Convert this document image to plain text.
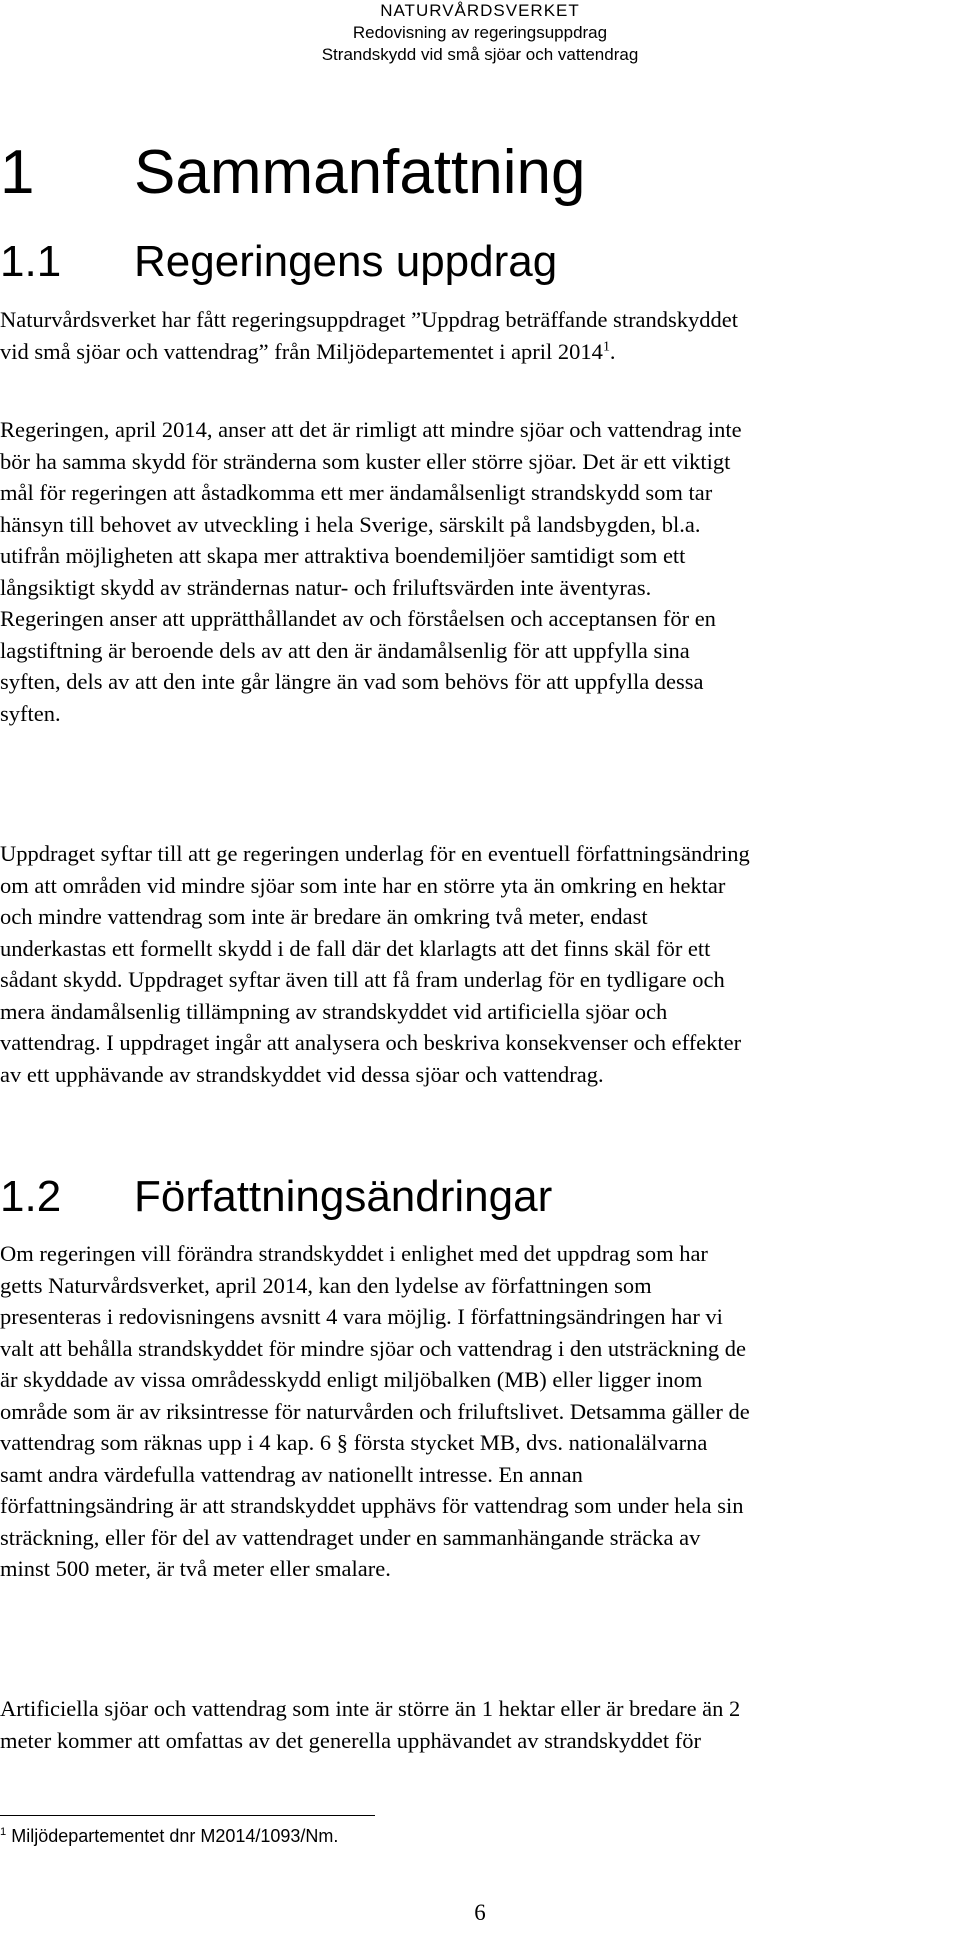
NATURVÅRDSVERKET
Redovisning av regeringsuppdrag
Strandskydd vid små sjöar och vattendrag
1 Sammanfattning
1.1 Regeringens uppdrag
Naturvårdsverket har fått regeringsuppdraget ”Uppdrag beträffande strandskyddet
vid små sjöar och vattendrag” från Miljödepartementet i april 2014$^1$.
Regeringen, april 2014, anser att det är rimligt att mindre sjöar och vattendrag inte
bör ha samma skydd för stränderna som kuster eller större sjöar. Det är ett viktigt
mål för regeringen att åstadkomma ett mer ändamålsenligt strandskydd som tar
hänsyn till behovet av utveckling i hela Sverige, särskilt på landsbygden, bl.a.
utifrån möjligheten att skapa mer attraktiva boendemiljöer samtidigt som ett
långsiktigt skydd av strändernas natur- och friluftsvärden inte äventyras.
Regeringen anser att upprätthållandet av och förståelsen och acceptansen för en
lagstiftning är beroende dels av att den är ändamålsenlig för att uppfylla sina
syften, dels av att den inte går längre än vad som behövs för att uppfylla dessa
syften.
Uppdraget syftar till att ge regeringen underlag för en eventuell författningsändring
om att områden vid mindre sjöar som inte har en större yta än omkring en hektar
och mindre vattendrag som inte är bredare än omkring två meter, endast
underkastas ett formellt skydd i de fall där det klarlagts att det finns skäl för ett
sådant skydd. Uppdraget syftar även till att få fram underlag för en tydligare och
mera ändamålsenlig tillämpning av strandskyddet vid artificiella sjöar och
vattendrag. I uppdraget ingår att analysera och beskriva konsekvenser och effekter
av ett upphävande av strandskyddet vid dessa sjöar och vattendrag.
1.2 Författningsändringar
Om regeringen vill förändra strandskyddet i enlighet med det uppdrag som har
getts Naturvårdsverket, april 2014, kan den lydelse av författningen som
presenteras i redovisningens avsnitt 4 vara möjlig. I författningsändringen har vi
valt att behålla strandskyddet för mindre sjöar och vattendrag i den utsträckning de
är skyddade av vissa områdesskydd enligt miljöbalken (MB) eller ligger inom
område som är av riksintresse för naturvården och friluftslivet. Detsamma gäller de
vattendrag som räknas upp i 4 kap. 6 § första stycket MB, dvs. nationalälvarna
samt andra värdefulla vattendrag av nationellt intresse. En annan
författningsändring är att strandskyddet upphävs för vattendrag som under hela sin
sträckning, eller för del av vattendraget under en sammanhängande sträcka av
minst 500 meter, är två meter eller smalare.
Artificiella sjöar och vattendrag som inte är större än 1 hektar eller är bredare än 2
meter kommer att omfattas av det generella upphävandet av strandskyddet för
$^1$ Miljödepartementet dnr M2014/1093/Nm.
6
